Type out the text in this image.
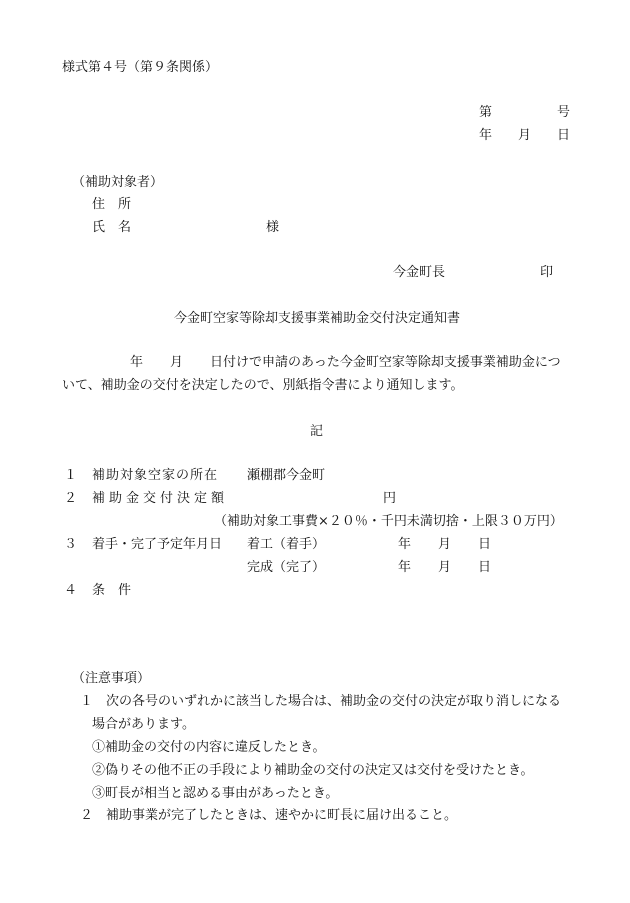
様式第４号（第９条関係）
第	号
年 月 日
（補助対象者）
住　所
氏　名	様
今金町長	印
今金町空家等除却支援事業補助金交付決定通知書
年 月 日付けで申請のあった今金町空家等除却支援事業補助金につ
いて、補助金の交付を決定したので、別紙指令書により通知します。
記
１ 補助対象空家の所在 瀬棚郡今金町
２ 補助金交付決定額	円
（補助対象工事費×２０％・千円未満切捨・上限３０万円）
３ 着手・完了予定年月日 着工（着手）	年 月 日
完成（完了）	年 月 日
４ 条　件
（注意事項）
１ 次の各号のいずれかに該当した場合は、補助金の交付の決定が取り消しになる
場合があります。
①補助金の交付の内容に違反したとき。
②偽りその他不正の手段により補助金の交付の決定又は交付を受けたとき。
③町長が相当と認める事由があったとき。
２ 補助事業が完了したときは、速やかに町長に届け出ること。
